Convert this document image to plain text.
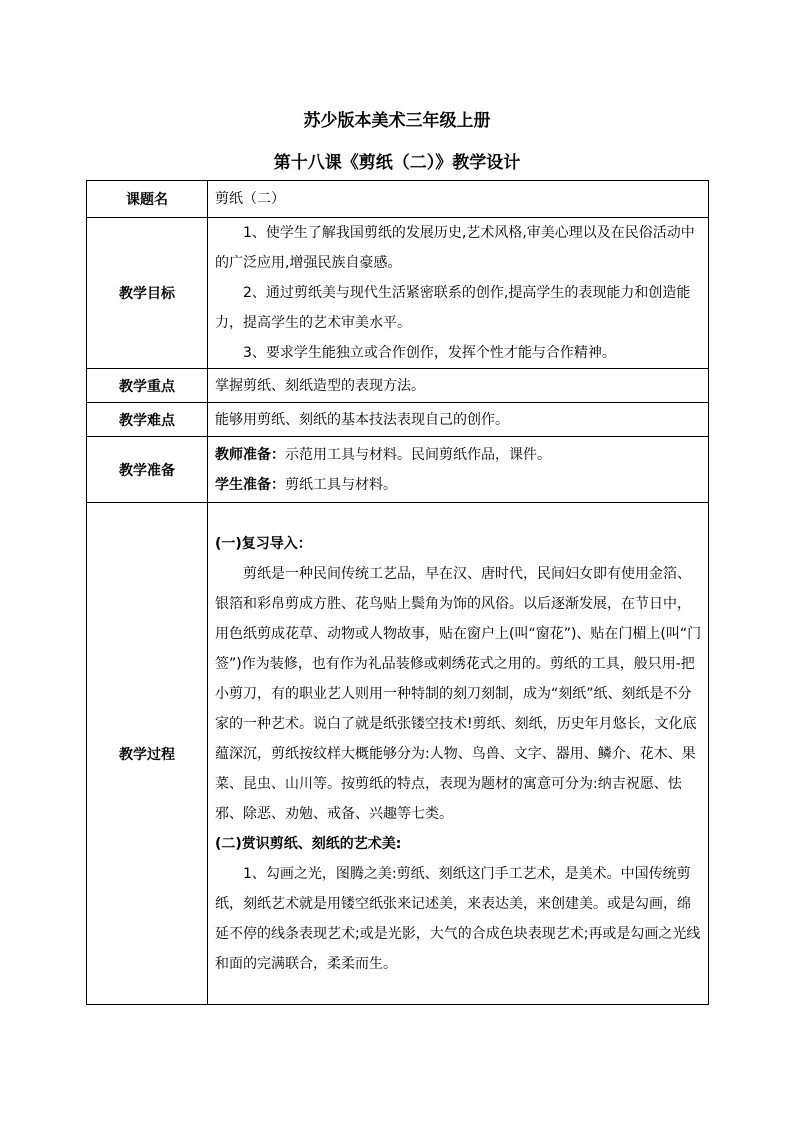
苏少版本美术三年级上册
第十八课《剪纸（二）》教学设计
课题名	剪纸（二）
教学目标	1、使学生了解我国剪纸的发展历史,艺术风格,审美心理以及在民俗活动中的广泛应用,增强民族自豪感。

2、通过剪纸美与现代生活紧密联系的创作,提高学生的表现能力和创造能力，提高学生的艺术审美水平。

3、要求学生能独立或合作创作，发挥个性才能与合作精神。

教学重点	掌握剪纸、刻纸造型的表现方法。
教学难点	能够用剪纸、刻纸的基本技法表现自己的创作。
教学准备	教师准备：示范用工具与材料。民间剪纸作品，课件。

学生准备：剪纸工具与材料。

教学过程	(一)复习导入：

剪纸是一种民间传统工艺品，早在汉、唐时代，民间妇女即有使用金箔、银箔和彩帛剪成方胜、花鸟贴上鬓角为饰的风俗。以后逐渐发展，在节日中，用色纸剪成花草、动物或人物故事，贴在窗户上(叫“窗花”)、贴在门楣上(叫“门签”)作为装修，也有作为礼品装修或刺绣花式之用的。剪纸的工具，般只用-把小剪刀，有的职业艺人则用一种特制的刻刀刻制，成为“刻纸”纸、刻纸是不分家的一种艺术。说白了就是纸张镂空技术!剪纸、刻纸，历史年月悠长，文化底蕴深沉，剪纸按纹样大概能够分为:人物、鸟兽、文字、器用、鳞介、花木、果菜、昆虫、山川等。按剪纸的特点，表现为题材的寓意可分为:纳吉祝愿、怯邪、除恶、劝勉、戒备、兴趣等七类。

(二)赏识剪纸、刻纸的艺术美:

1、勾画之光，图腾之美:剪纸、刻纸这门手工艺术，是美术。中国传统剪纸，刻纸艺术就是用镂空纸张来记述美，来表达美，来创建美。或是勾画，绵延不停的线条表现艺术;或是光影，大气的合成色块表现艺术;再或是勾画之光线和面的完满联合，柔柔而生。
